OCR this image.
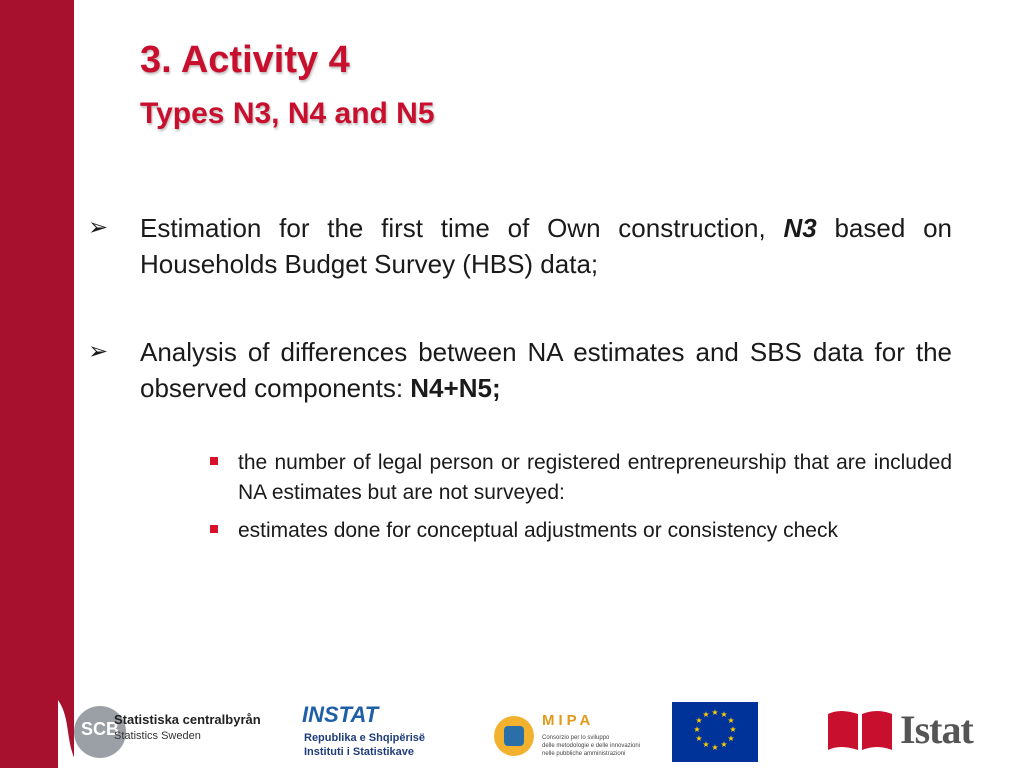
3. Activity 4
Types N3, N4 and N5
➢ Estimation for the first time of Own construction, N3 based on Households Budget Survey (HBS) data;
➢ Analysis of differences between NA estimates and SBS data for the observed components: N4+N5;
the number of legal person or registered entrepreneurship that are included NA estimates but are not surveyed:
estimates done for conceptual adjustments or consistency check
SCB
Statistiska centralbyrån
Statistics Sweden
INSTAT
Republika e Shqipërisë
Instituti i Statistikave
MIPA
Consorzio per lo sviluppo
delle metodologie e delle innovazioni
nelle pubbliche amministrazioni
★ ★
★
★
★
★
★
★
★
★
★
★	Istat
